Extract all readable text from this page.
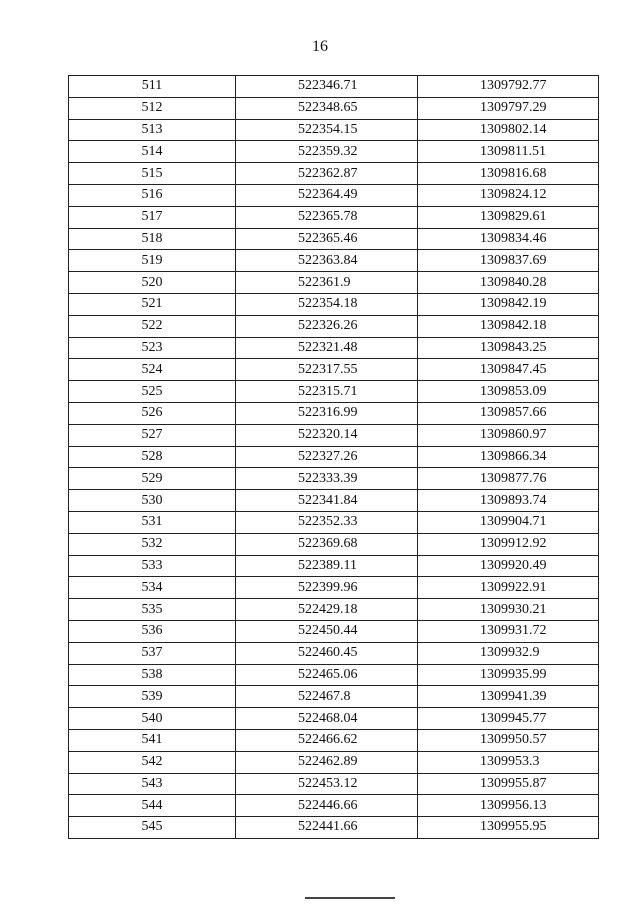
16
511	522346.71	1309792.77
512	522348.65	1309797.29
513	522354.15	1309802.14
514	522359.32	1309811.51
515	522362.87	1309816.68
516	522364.49	1309824.12
517	522365.78	1309829.61
518	522365.46	1309834.46
519	522363.84	1309837.69
520	522361.9	1309840.28
521	522354.18	1309842.19
522	522326.26	1309842.18
523	522321.48	1309843.25
524	522317.55	1309847.45
525	522315.71	1309853.09
526	522316.99	1309857.66
527	522320.14	1309860.97
528	522327.26	1309866.34
529	522333.39	1309877.76
530	522341.84	1309893.74
531	522352.33	1309904.71
532	522369.68	1309912.92
533	522389.11	1309920.49
534	522399.96	1309922.91
535	522429.18	1309930.21
536	522450.44	1309931.72
537	522460.45	1309932.9
538	522465.06	1309935.99
539	522467.8	1309941.39
540	522468.04	1309945.77
541	522466.62	1309950.57
542	522462.89	1309953.3
543	522453.12	1309955.87
544	522446.66	1309956.13
545	522441.66	1309955.95
